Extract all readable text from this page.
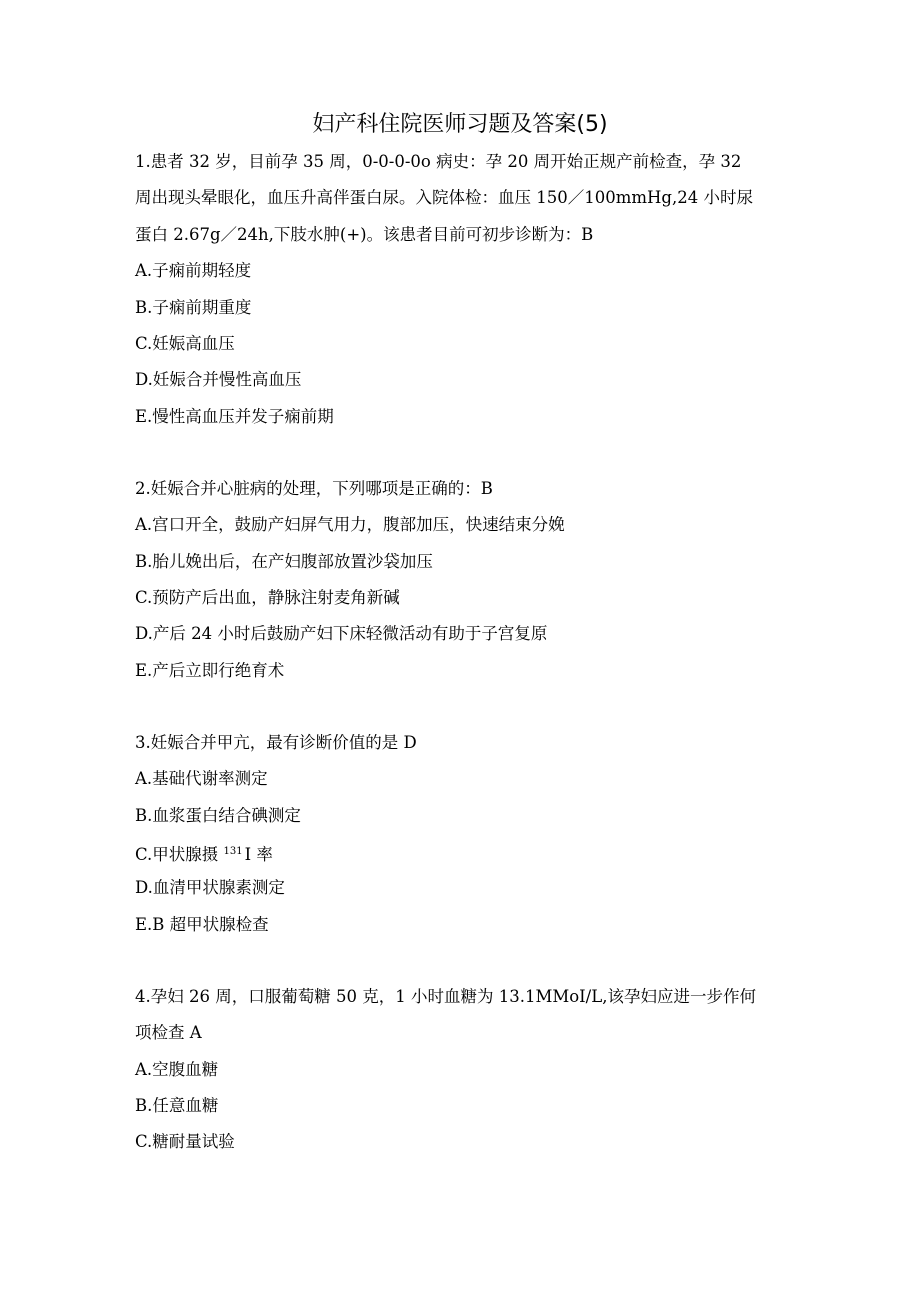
妇产科住院医师习题及答案(5)
1.患者 32 岁，目前孕 35 周，0-0-0-0o 病史：孕 20 周开始正规产前检查，孕 32
周出现头晕眼化，血压升高伴蛋白尿。入院体检：血压 150／100mmHg,24 小时尿
蛋白 2.67g／24h,下肢水肿(+)。该患者目前可初步诊断为：B
A.子痫前期轻度
B.子痫前期重度
C.妊娠高血压
D.妊娠合并慢性高血压
E.慢性高血压并发子痫前期
2.妊娠合并心脏病的处理，下列哪项是正确的：B
A.宫口开全，鼓励产妇屏气用力，腹部加压，快速结束分娩
B.胎儿娩出后，在产妇腹部放置沙袋加压
C.预防产后出血，静脉注射麦角新碱
D.产后 24 小时后鼓励产妇下床轻微活动有助于子宫复原
E.产后立即行绝育术
3.妊娠合并甲亢，最有诊断价值的是 D
A.基础代谢率测定
B.血浆蛋白结合碘测定
C.甲状腺摄 $^{131}$ I 率
D.血清甲状腺素测定
E.B 超甲状腺检查
4.孕妇 26 周，口服葡萄糖 50 克，1 小时血糖为 13.1MMoI/L,该孕妇应进一步作何
项检查 A
A.空腹血糖
B.任意血糖
C.糖耐量试验
